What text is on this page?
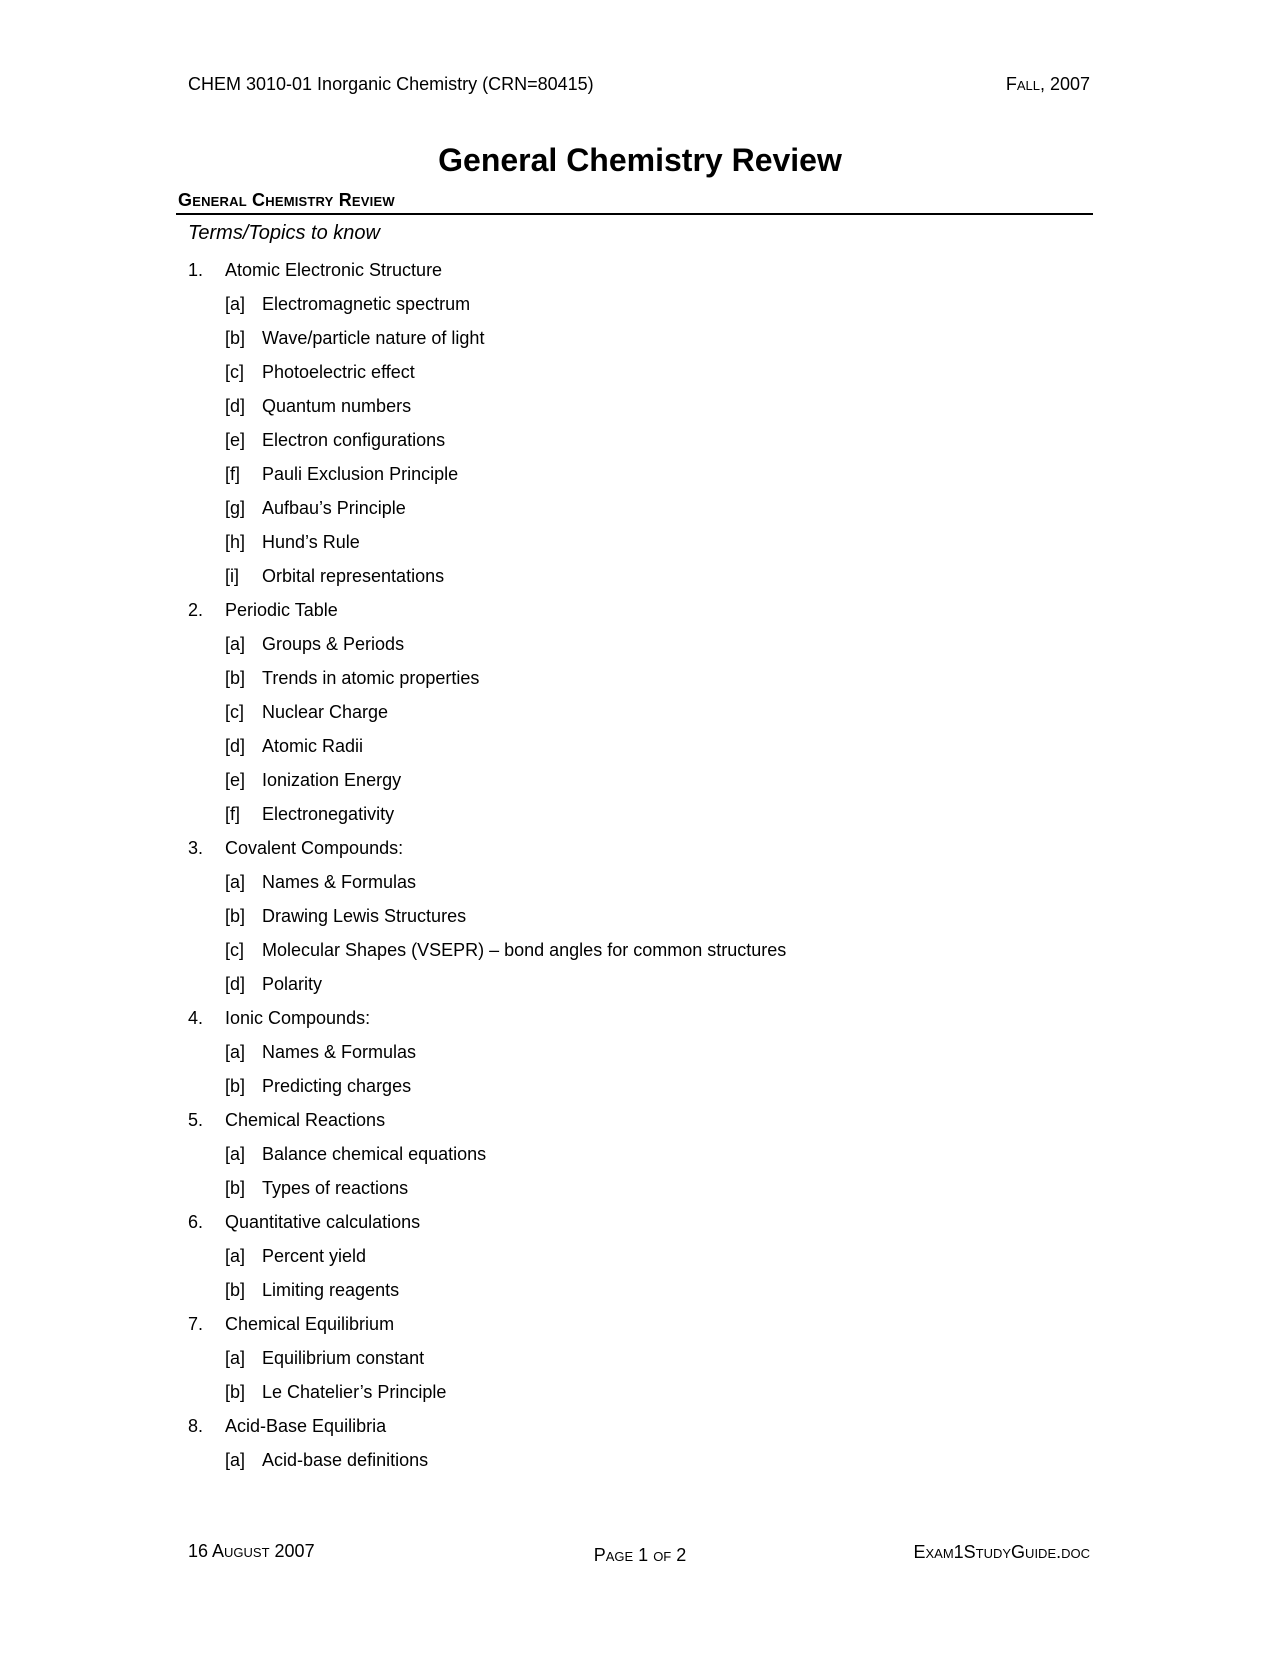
CHEM 3010-01 Inorganic Chemistry (CRN=80415)	Fall, 2007
General Chemistry Review
General Chemistry Review
Terms/Topics to know
1. Atomic Electronic Structure
[a] Electromagnetic spectrum
[b] Wave/particle nature of light
[c] Photoelectric effect
[d] Quantum numbers
[e] Electron configurations
[f] Pauli Exclusion Principle
[g] Aufbau’s Principle
[h] Hund’s Rule
[i] Orbital representations
2. Periodic Table
[a] Groups & Periods
[b] Trends in atomic properties
[c] Nuclear Charge
[d] Atomic Radii
[e] Ionization Energy
[f] Electronegativity
3. Covalent Compounds:
[a] Names & Formulas
[b] Drawing Lewis Structures
[c] Molecular Shapes (VSEPR) – bond angles for common structures
[d] Polarity
4. Ionic Compounds:
[a] Names & Formulas
[b] Predicting charges
5. Chemical Reactions
[a] Balance chemical equations
[b] Types of reactions
6. Quantitative calculations
[a] Percent yield
[b] Limiting reagents
7. Chemical Equilibrium
[a] Equilibrium constant
[b] Le Chatelier’s Principle
8. Acid-Base Equilibria
[a] Acid-base definitions
16 August 2007	Page 1 of 2	Exam1StudyGuide.doc
